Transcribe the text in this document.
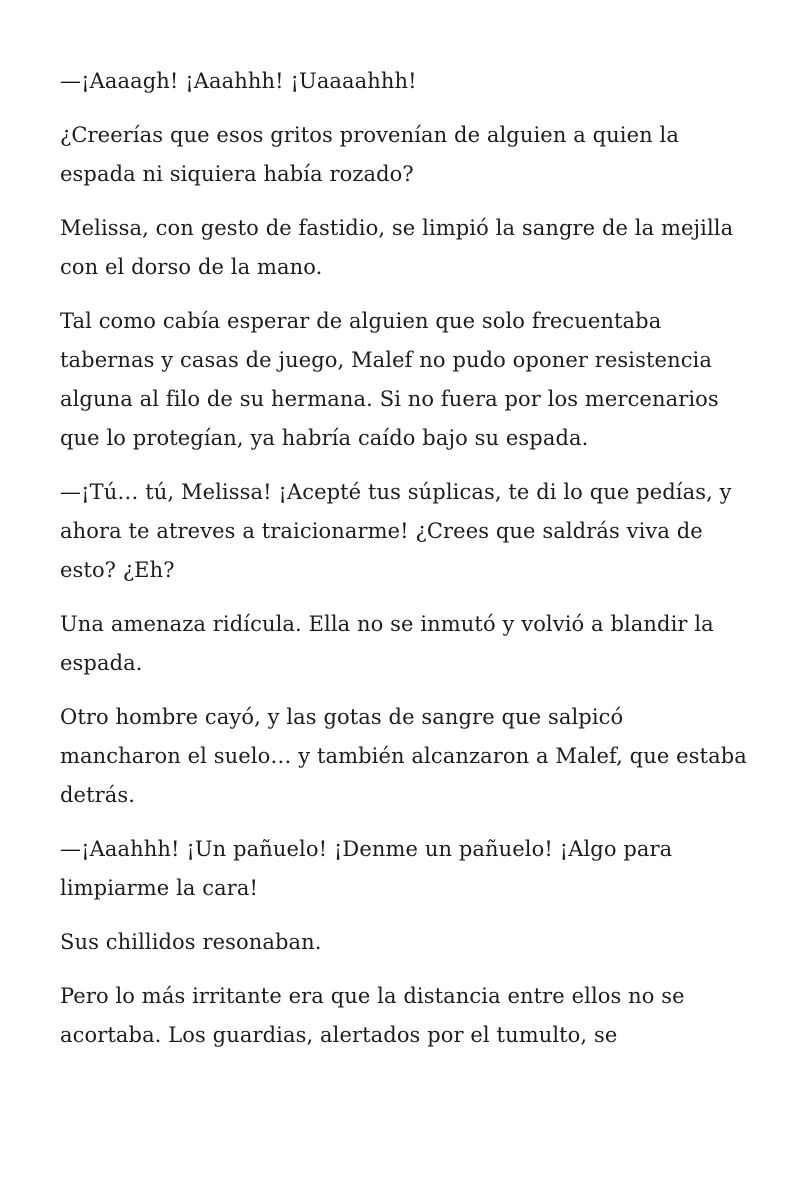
—¡Aaaagh! ¡Aaahhh! ¡Uaaaahhh!

¿Creerías que esos gritos provenían de alguien a quien la espada ni siquiera había rozado?

Melissa, con gesto de fastidio, se limpió la sangre de la mejilla con el dorso de la mano.

Tal como cabía esperar de alguien que solo frecuentaba tabernas y casas de juego, Malef no pudo oponer resistencia alguna al filo de su hermana. Si no fuera por los mercenarios que lo protegían, ya habría caído bajo su espada.

—¡Tú… tú, Melissa! ¡Acepté tus súplicas, te di lo que pedías, y ahora te atreves a traicionarme! ¿Crees que saldrás viva de esto? ¿Eh?

Una amenaza ridícula. Ella no se inmutó y volvió a blandir la espada.

Otro hombre cayó, y las gotas de sangre que salpicó mancharon el suelo… y también alcanzaron a Malef, que estaba detrás.

—¡Aaahhh! ¡Un pañuelo! ¡Denme un pañuelo! ¡Algo para limpiarme la cara!

Sus chillidos resonaban.

Pero lo más irritante era que la distancia entre ellos no se acortaba. Los guardias, alertados por el tumulto, se
